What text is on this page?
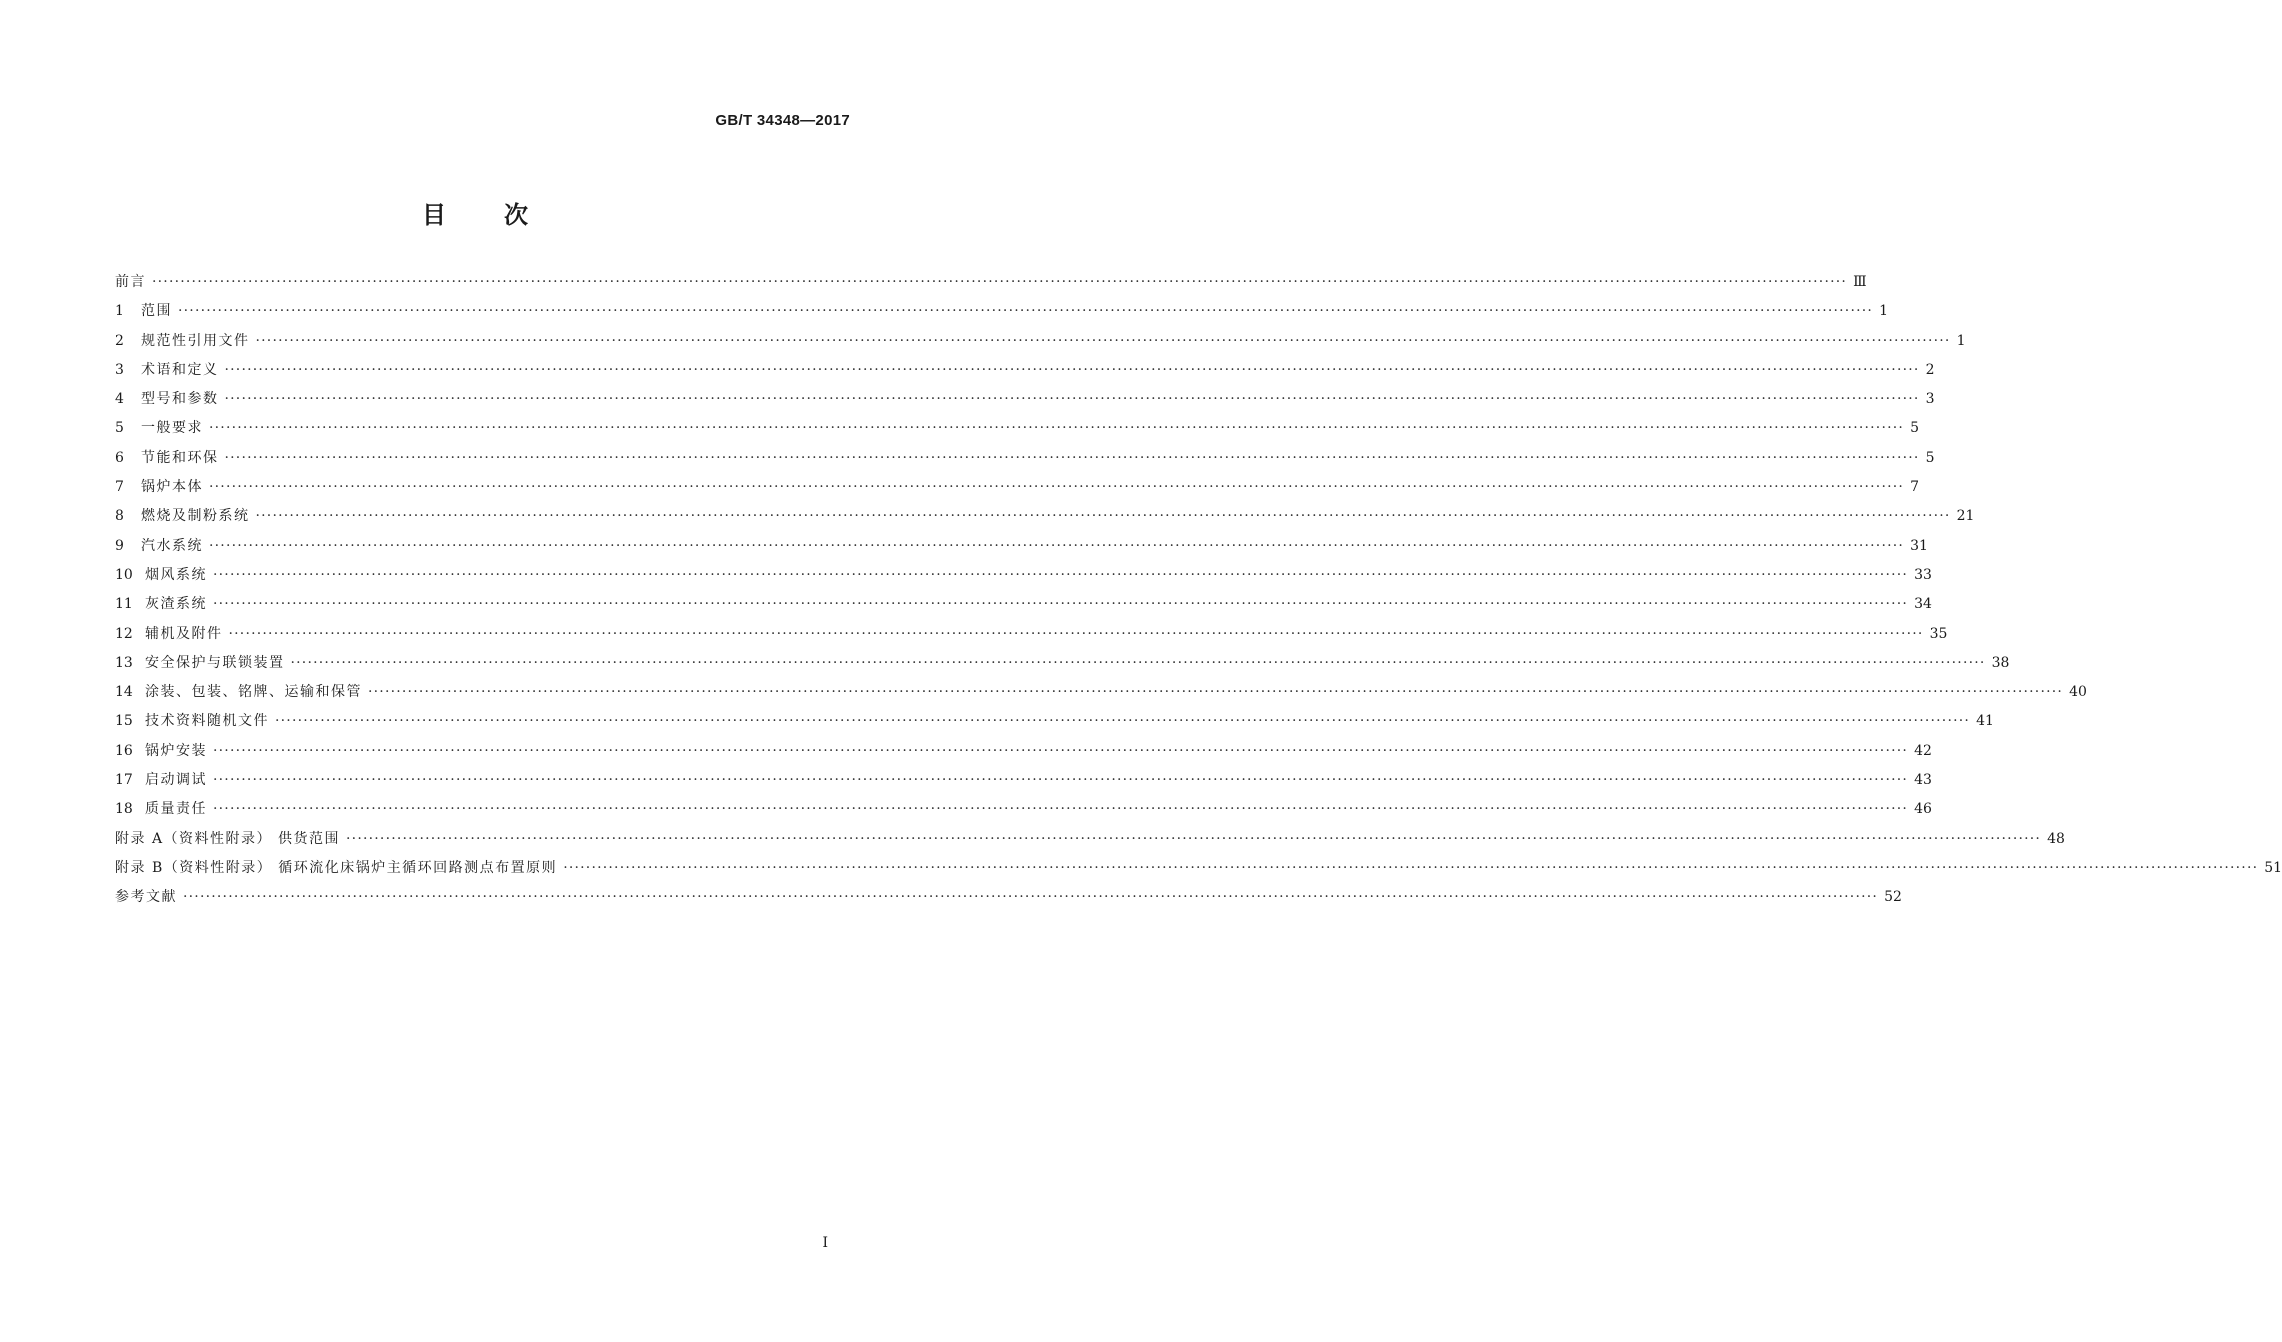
GB/T 34348—2017
目 次
前言 ············································································································································································································································································································ Ⅲ
1	范围 ············································································································································································································································································································ 1
2	规范性引用文件 ············································································································································································································································································································ 1
3	术语和定义 ············································································································································································································································································································ 2
4	型号和参数 ············································································································································································································································································································ 3
5	一般要求 ············································································································································································································································································································ 5
6	节能和环保 ············································································································································································································································································································ 5
7	锅炉本体 ············································································································································································································································································································ 7
8	燃烧及制粉系统 ············································································································································································································································································································ 21
9	汽水系统 ············································································································································································································································································································ 31
10 烟风系统 ············································································································································································································································································································ 33
11 灰渣系统 ············································································································································································································································································································ 34
12 辅机及附件 ············································································································································································································································································································ 35
13 安全保护与联锁装置 ············································································································································································································································································································ 38
14 涂装、包装、铭牌、运输和保管 ············································································································································································································································································································ 40
15 技术资料随机文件 ············································································································································································································································································································ 41
16 锅炉安装 ············································································································································································································································································································ 42
17 启动调试 ············································································································································································································································································································ 43
18 质量责任 ············································································································································································································································································································ 46
附录 A（资料性附录） 供货范围 ············································································································································································································································································································ 48
附录 B（资料性附录） 循环流化床锅炉主循环回路测点布置原则 ············································································································································································································································································································ 51
参考文献 ············································································································································································································································································································ 52
I
